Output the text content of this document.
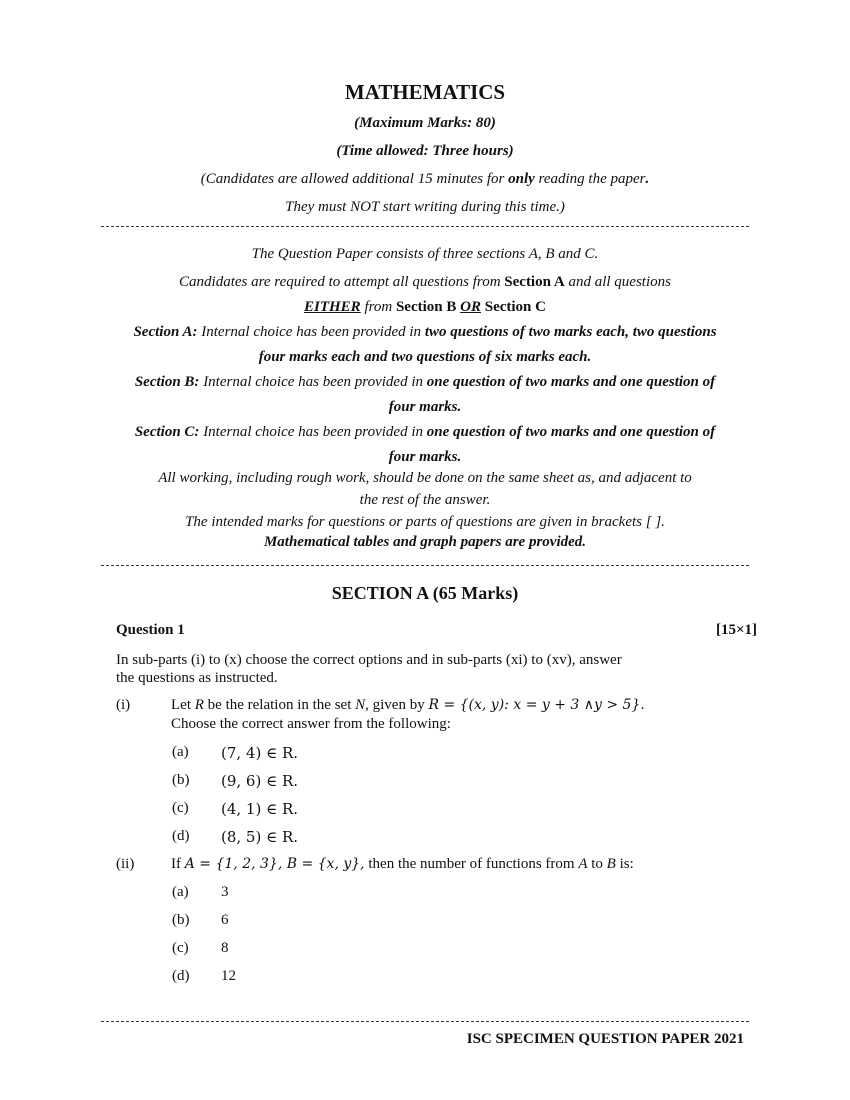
MATHEMATICS
(Maximum Marks: 80)
(Time allowed: Three hours)
(Candidates are allowed additional 15 minutes for only reading the paper.
They must NOT start writing during this time.)
The Question Paper consists of three sections A, B and C.
Candidates are required to attempt all questions from Section A and all questions
EITHER from Section B OR Section C
Section A: Internal choice has been provided in two questions of two marks each, two questions
four marks each and two questions of six marks each.
Section B: Internal choice has been provided in one question of two marks and one question of
four marks.
Section C: Internal choice has been provided in one question of two marks and one question of
four marks.
All working, including rough work, should be done on the same sheet as, and adjacent to
the rest of the answer.
The intended marks for questions or parts of questions are given in brackets [ ].
Mathematical tables and graph papers are provided.
SECTION A (65 Marks)
Question 1	[15×1]
In sub-parts (i) to (x) choose the correct options and in sub-parts (xi) to (xv), answer
the questions as instructed.
(i)	Let R be the relation in the set N, given by R = {(x, y): x = y + 3 ∧y > 5}.
Choose the correct answer from the following:
(a) (7, 4) ∈ R.
(b) (9, 6) ∈ R.
(c) (4, 1) ∈ R.
(d) (8, 5) ∈ R.
(ii) If A = {1, 2, 3}, B = {x, y}, then the number of functions from A to B is:
(a) 3
(b) 6
(c) 8
(d) 12
ISC SPECIMEN QUESTION PAPER 2021
